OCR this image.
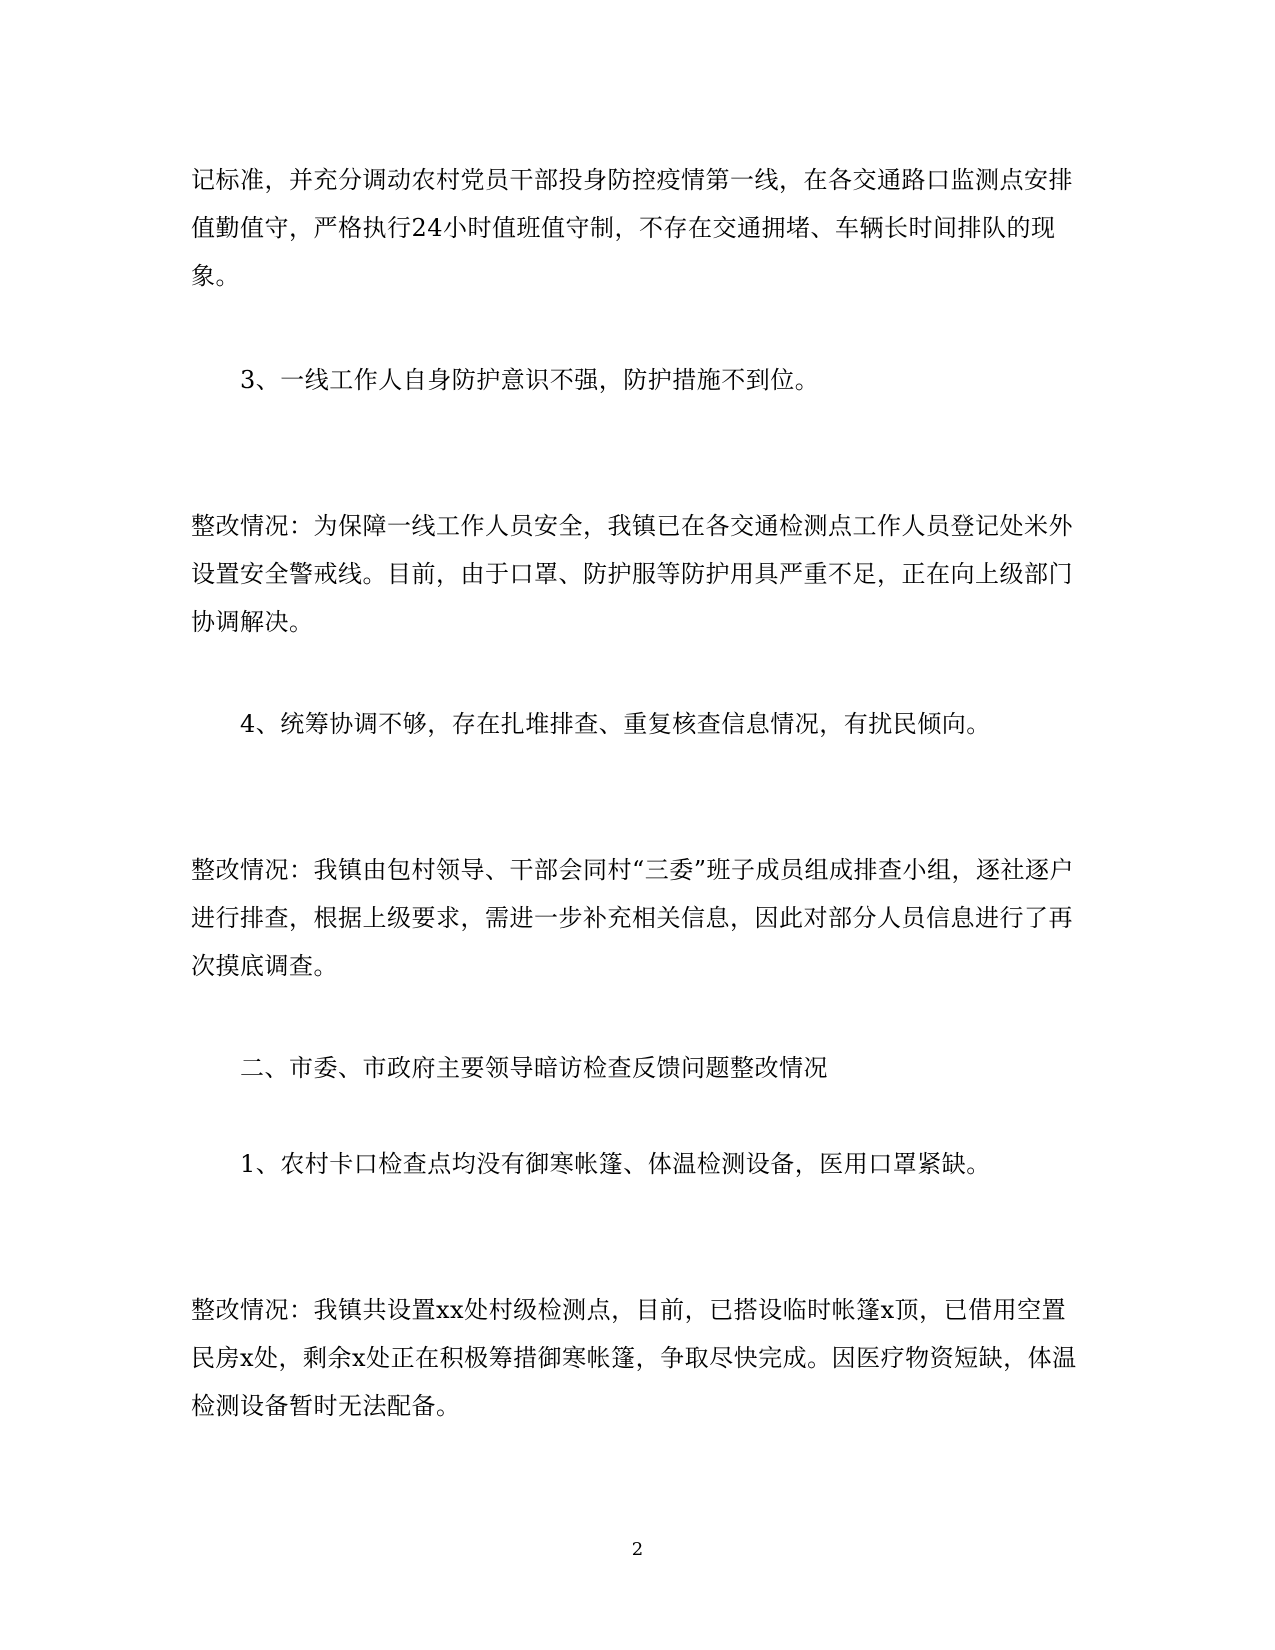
记标准，并充分调动农村党员干部投身防控疫情第一线，在各交通路口监测点安排值勤值守，严格执行24小时值班值守制，不存在交通拥堵、车辆长时间排队的现象。

3、一线工作人自身防护意识不强，防护措施不到位。

整改情况：为保障一线工作人员安全，我镇已在各交通检测点工作人员登记处米外设置安全警戒线。目前，由于口罩、防护服等防护用具严重不足，正在向上级部门协调解决。

4、统筹协调不够，存在扎堆排查、重复核查信息情况，有扰民倾向。

整改情况：我镇由包村领导、干部会同村“三委”班子成员组成排查小组，逐社逐户进行排查，根据上级要求，需进一步补充相关信息，因此对部分人员信息进行了再次摸底调查。

二、市委、市政府主要领导暗访检查反馈问题整改情况

1、农村卡口检查点均没有御寒帐篷、体温检测设备，医用口罩紧缺。

整改情况：我镇共设置xx处村级检测点，目前，已搭设临时帐篷x顶，已借用空置民房x处，剩余x处正在积极筹措御寒帐篷，争取尽快完成。因医疗物资短缺，体温检测设备暂时无法配备。

2
